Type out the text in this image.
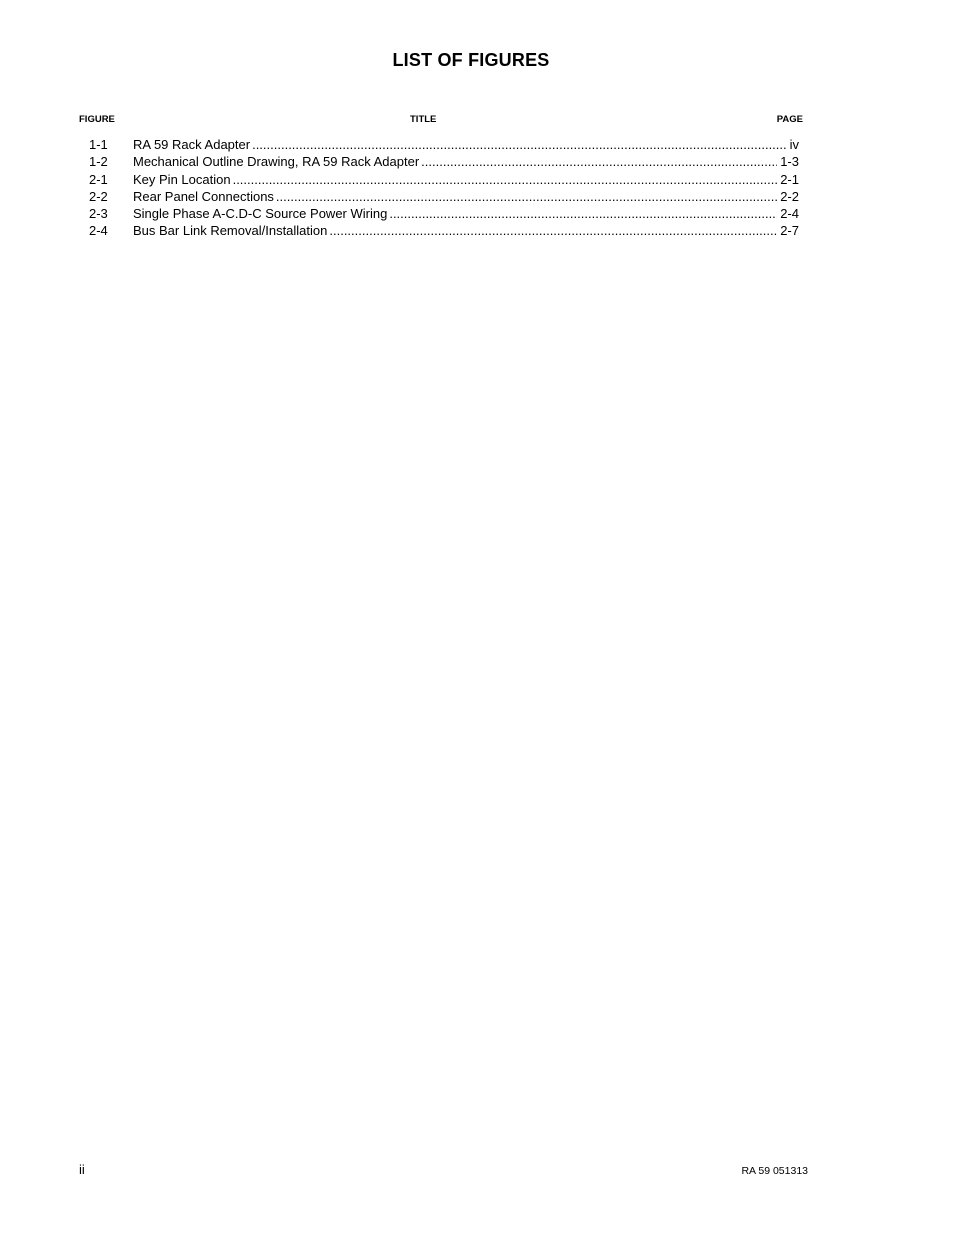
LIST OF FIGURES
FIGURE	TITLE	PAGE
1-1	RA 59 Rack Adapter .....	iv
1-2	Mechanical Outline Drawing, RA 59 Rack Adapter .....	1-3
2-1	Key Pin Location .....	2-1
2-2	Rear Panel Connections .....	2-2
2-3	Single Phase A-C.D-C Source Power Wiring .....	2-4
2-4	Bus Bar Link Removal/Installation .....	2-7
ii	RA 59 051313
